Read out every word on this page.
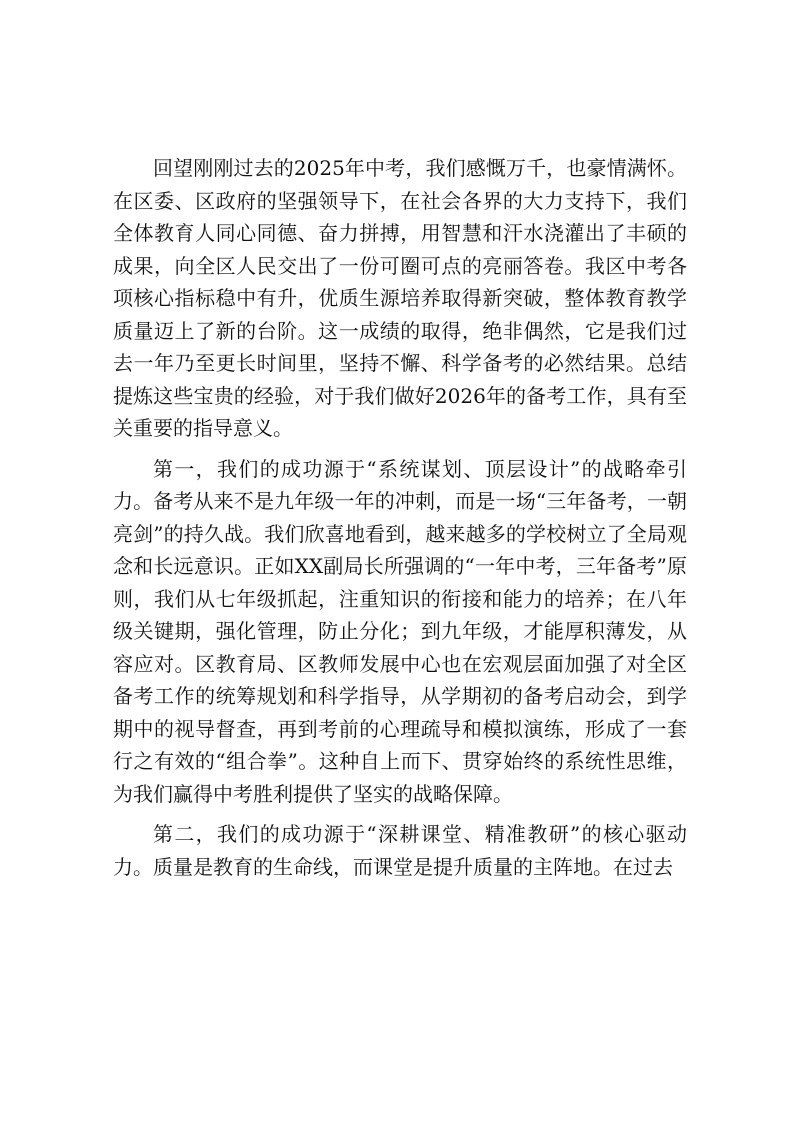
回望刚刚过去的2025年中考，我们感慨万千，也豪情满怀。在区委、区政府的坚强领导下，在社会各界的大力支持下，我们全体教育人同心同德、奋力拼搏，用智慧和汗水浇灌出了丰硕的成果，向全区人民交出了一份可圈可点的亮丽答卷。我区中考各项核心指标稳中有升，优质生源培养取得新突破，整体教育教学质量迈上了新的台阶。这一成绩的取得，绝非偶然，它是我们过去一年乃至更长时间里，坚持不懈、科学备考的必然结果。总结提炼这些宝贵的经验，对于我们做好2026年的备考工作，具有至关重要的指导意义。

第一，我们的成功源于“系统谋划、顶层设计”的战略牵引力。备考从来不是九年级一年的冲刺，而是一场“三年备考，一朝亮剑”的持久战。我们欣喜地看到，越来越多的学校树立了全局观念和长远意识。正如XX副局长所强调的“一年中考，三年备考”原则，我们从七年级抓起，注重知识的衔接和能力的培养；在八年级关键期，强化管理，防止分化；到九年级，才能厚积薄发，从容应对。区教育局、区教师发展中心也在宏观层面加强了对全区备考工作的统筹规划和科学指导，从学期初的备考启动会，到学期中的视导督查，再到考前的心理疏导和模拟演练，形成了一套行之有效的“组合拳”。这种自上而下、贯穿始终的系统性思维，为我们赢得中考胜利提供了坚实的战略保障。

第二，我们的成功源于“深耕课堂、精准教研”的核心驱动力。质量是教育的生命线，而课堂是提升质量的主阵地。在过去
